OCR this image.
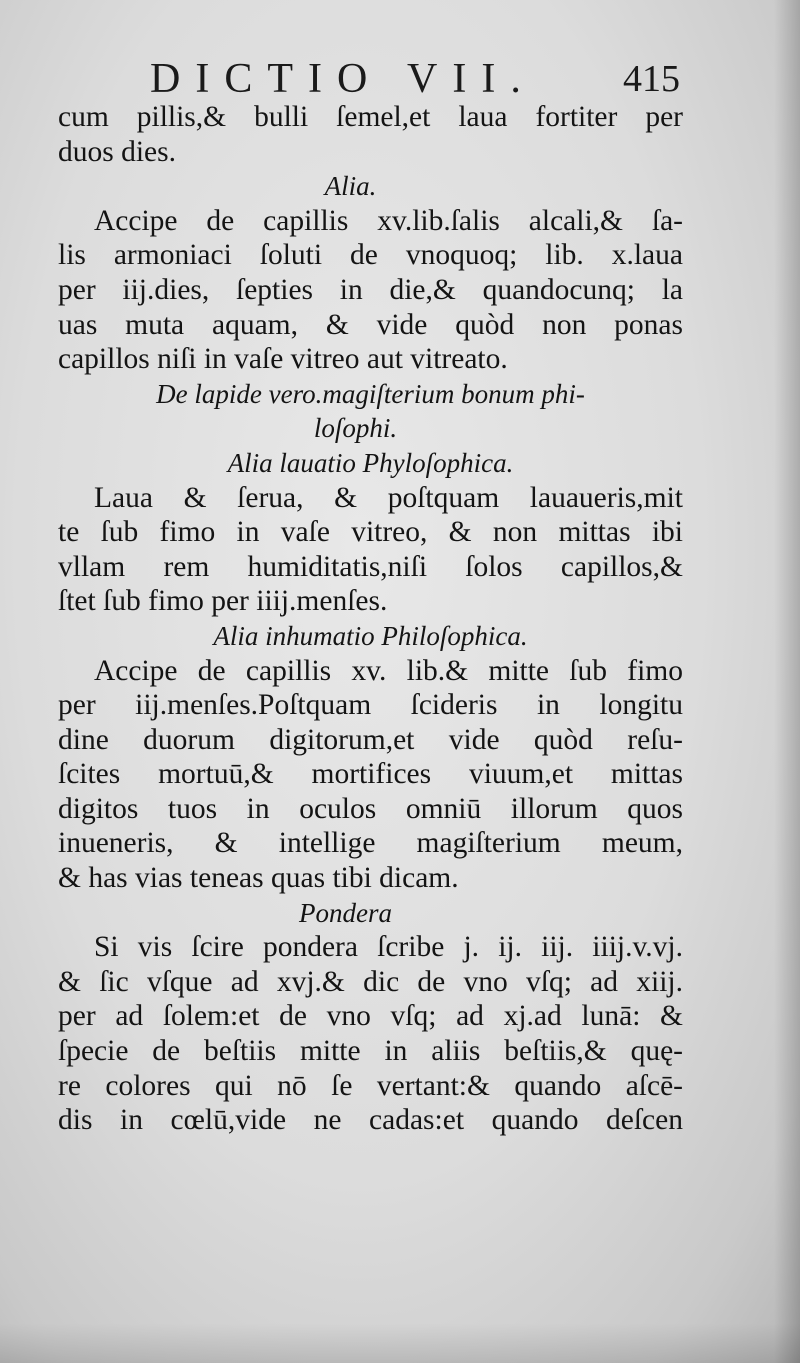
DICTIO VII. 415
cum pillis,& bulli ſemel,et laua fortiter per
duos dies.
Alia.
Accipe de capillis xv.lib.ſalis alcali,& ſa-
lis armoniaci ſoluti de vnoquoq; lib. x.laua
per iij.dies, ſepties in die,& quandocunq; la
uas muta aquam, & vide quòd non ponas
capillos niſi in vaſe vitreo aut vitreato.
De lapide vero.magiſterium bonum phi-
loſophi.
Alia lauatio Phyloſophica.
Laua & ſerua, & poſtquam lauaueris,mit
te ſub fimo in vaſe vitreo, & non mittas ibi
vllam rem humiditatis,niſi ſolos capillos,&
ſtet ſub fimo per iiij.menſes.
Alia inhumatio Philoſophica.
Accipe de capillis xv. lib.& mitte ſub fimo
per iij.menſes.Poſtquam ſcideris in longitu
dine duorum digitorum,et vide quòd reſu-
ſcites mortuū,& mortifices viuum,et mittas
digitos tuos in oculos omniū illorum quos
inueneris, & intellige magiſterium meum,
& has vias teneas quas tibi dicam.
Pondera
Si vis ſcire pondera ſcribe j. ij. iij. iiij.v.vj.
& ſic vſque ad xvj.& dic de vno vſq; ad xiij.
per ad ſolem:et de vno vſq; ad xj.ad lunā: &
ſpecie de beſtiis mitte in aliis beſtiis,& quę-
re colores qui nō ſe vertant:& quando aſcē-
dis in cœlū,vide ne cadas:et quando deſcen
